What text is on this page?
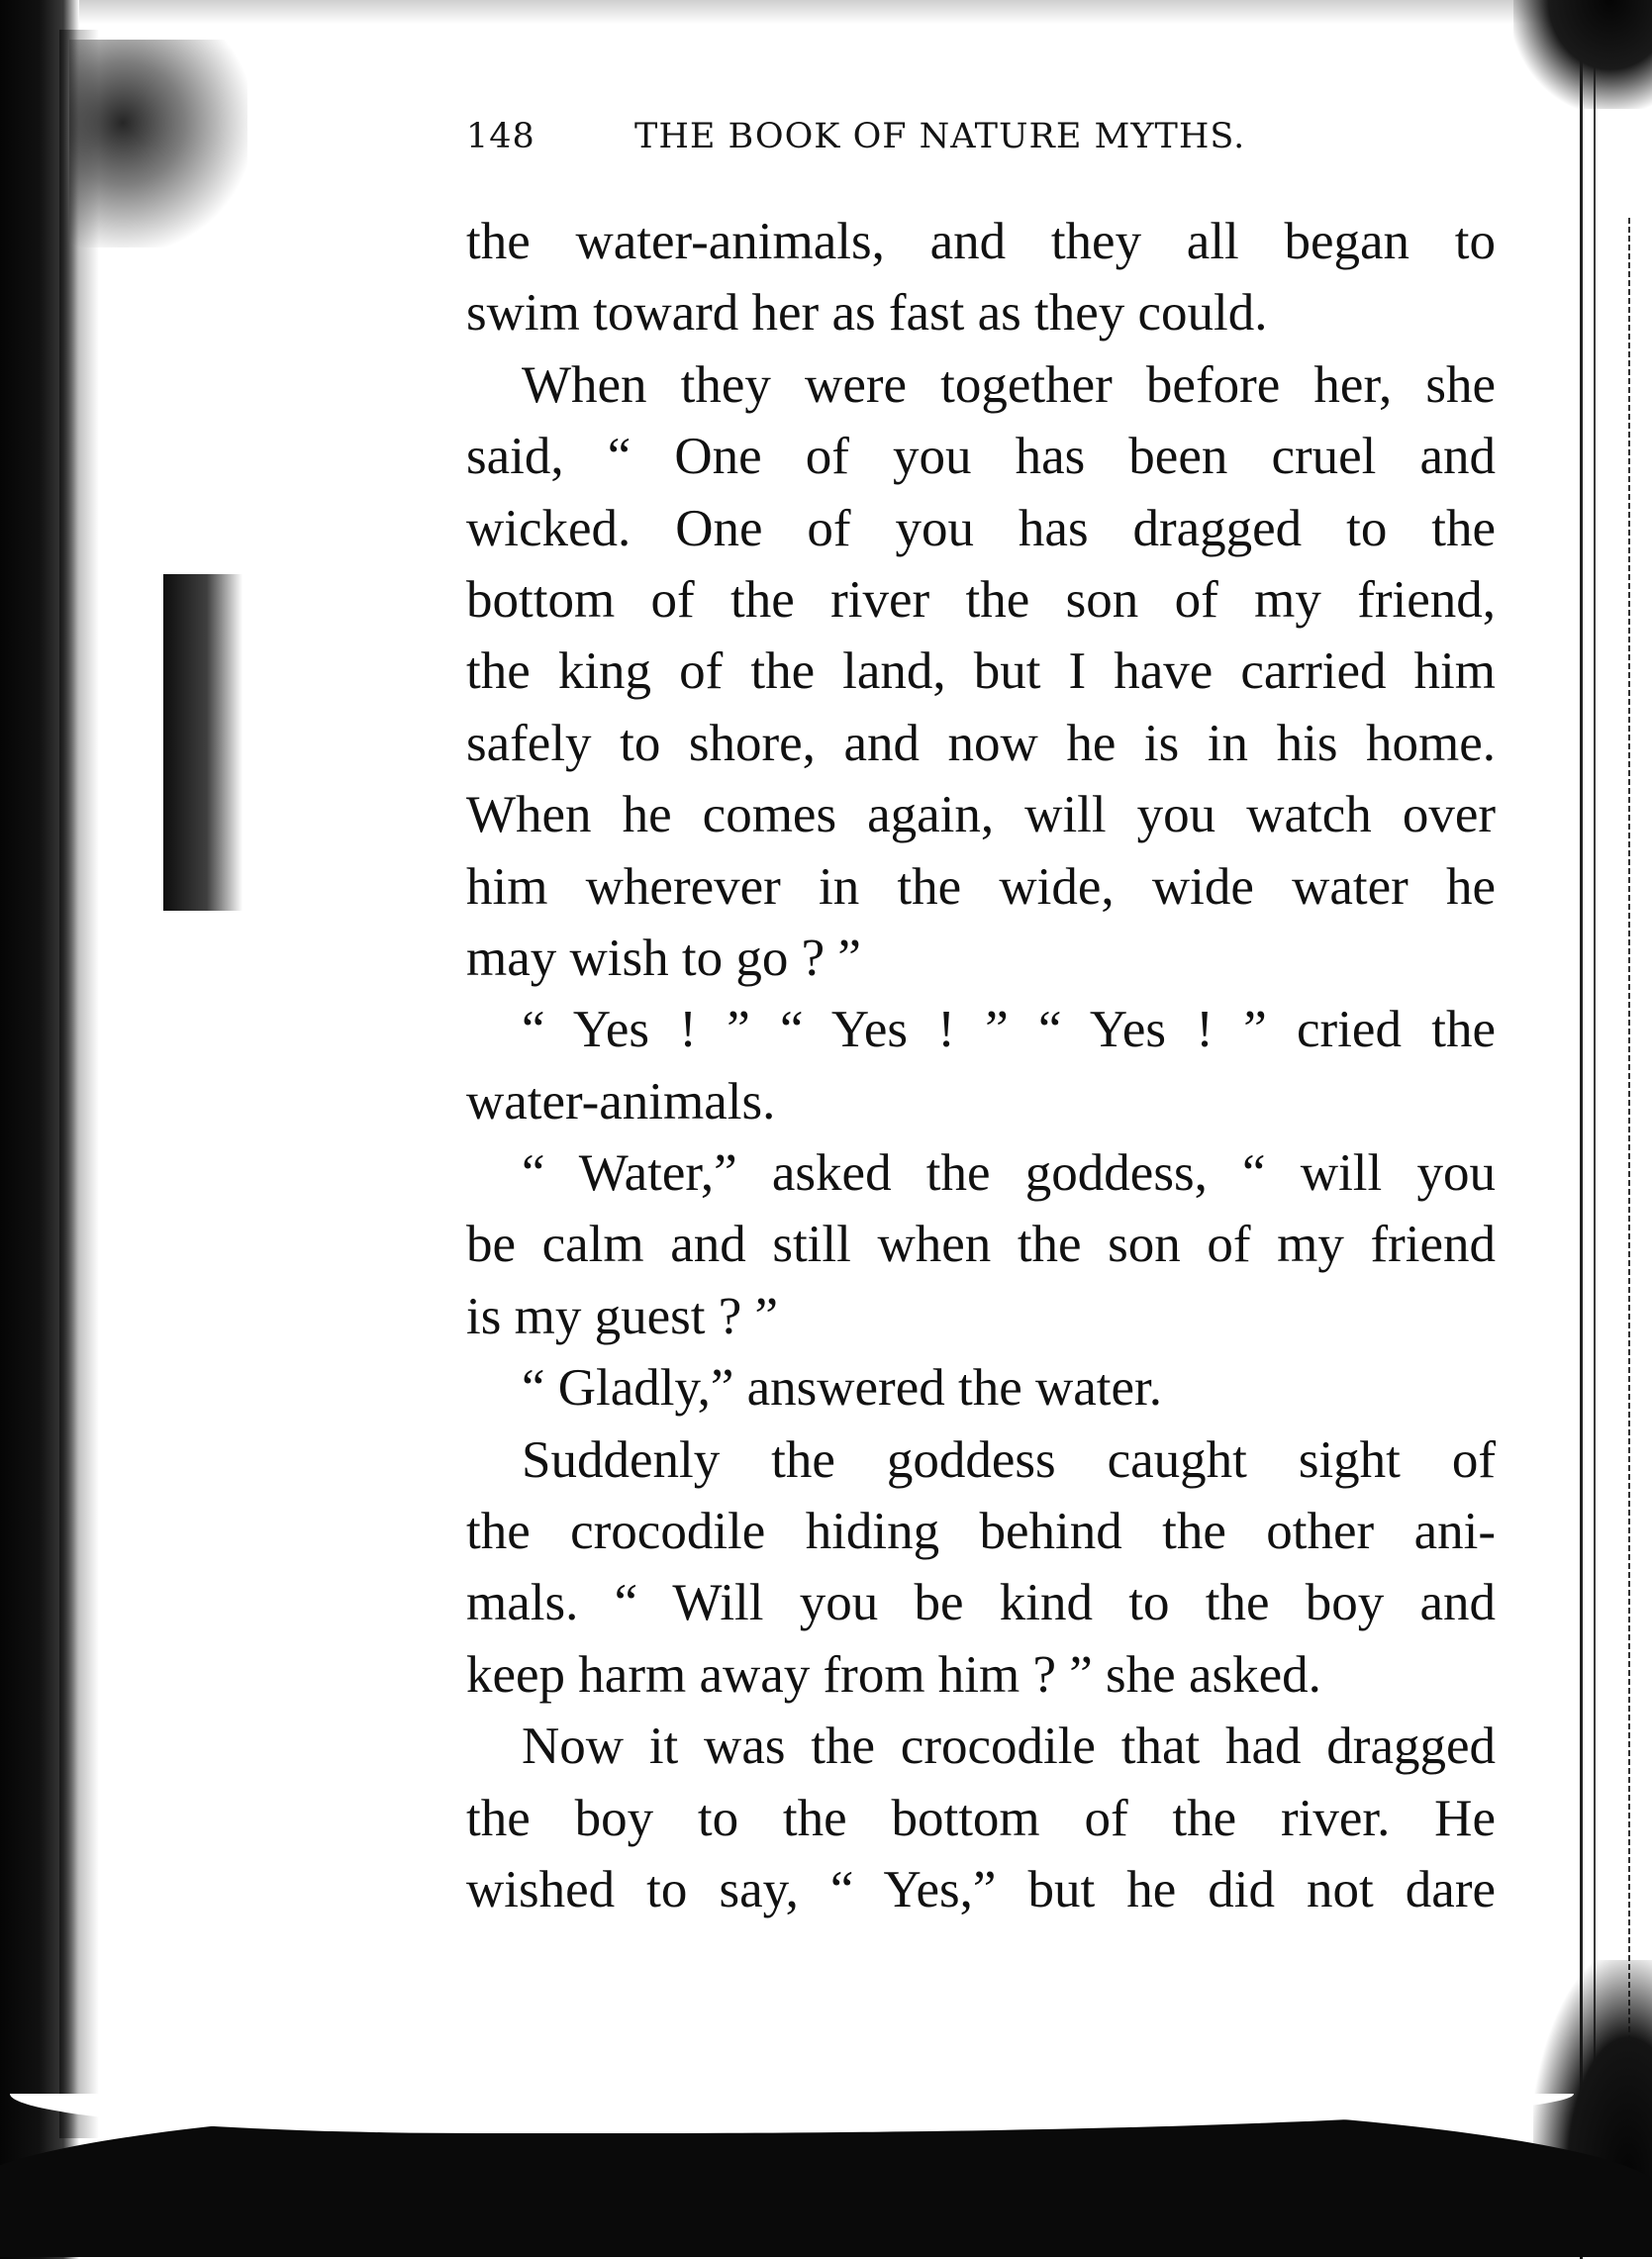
148	THE BOOK OF NATURE MYTHS.
the water-animals, and they all began to
swim toward her as fast as they could.
When they were together before her, she
said, “ One of you has been cruel and
wicked. One of you has dragged to the
bottom of the river the son of my friend,
the king of the land, but I have carried him
safely to shore, and now he is in his home.
When he comes again, will you watch over
him wherever in the wide, wide water he
may wish to go ? ”
“ Yes ! ” “ Yes ! ” “ Yes ! ” cried the
water-animals.
“ Water,” asked the goddess, “ will you
be calm and still when the son of my friend
is my guest ? ”
“ Gladly,” answered the water.
Suddenly the goddess caught sight of
the crocodile hiding behind the other ani-
mals. “ Will you be kind to the boy and
keep harm away from him ? ” she asked.
Now it was the crocodile that had dragged
the boy to the bottom of the river. He
wished to say, “ Yes,” but he did not dare
